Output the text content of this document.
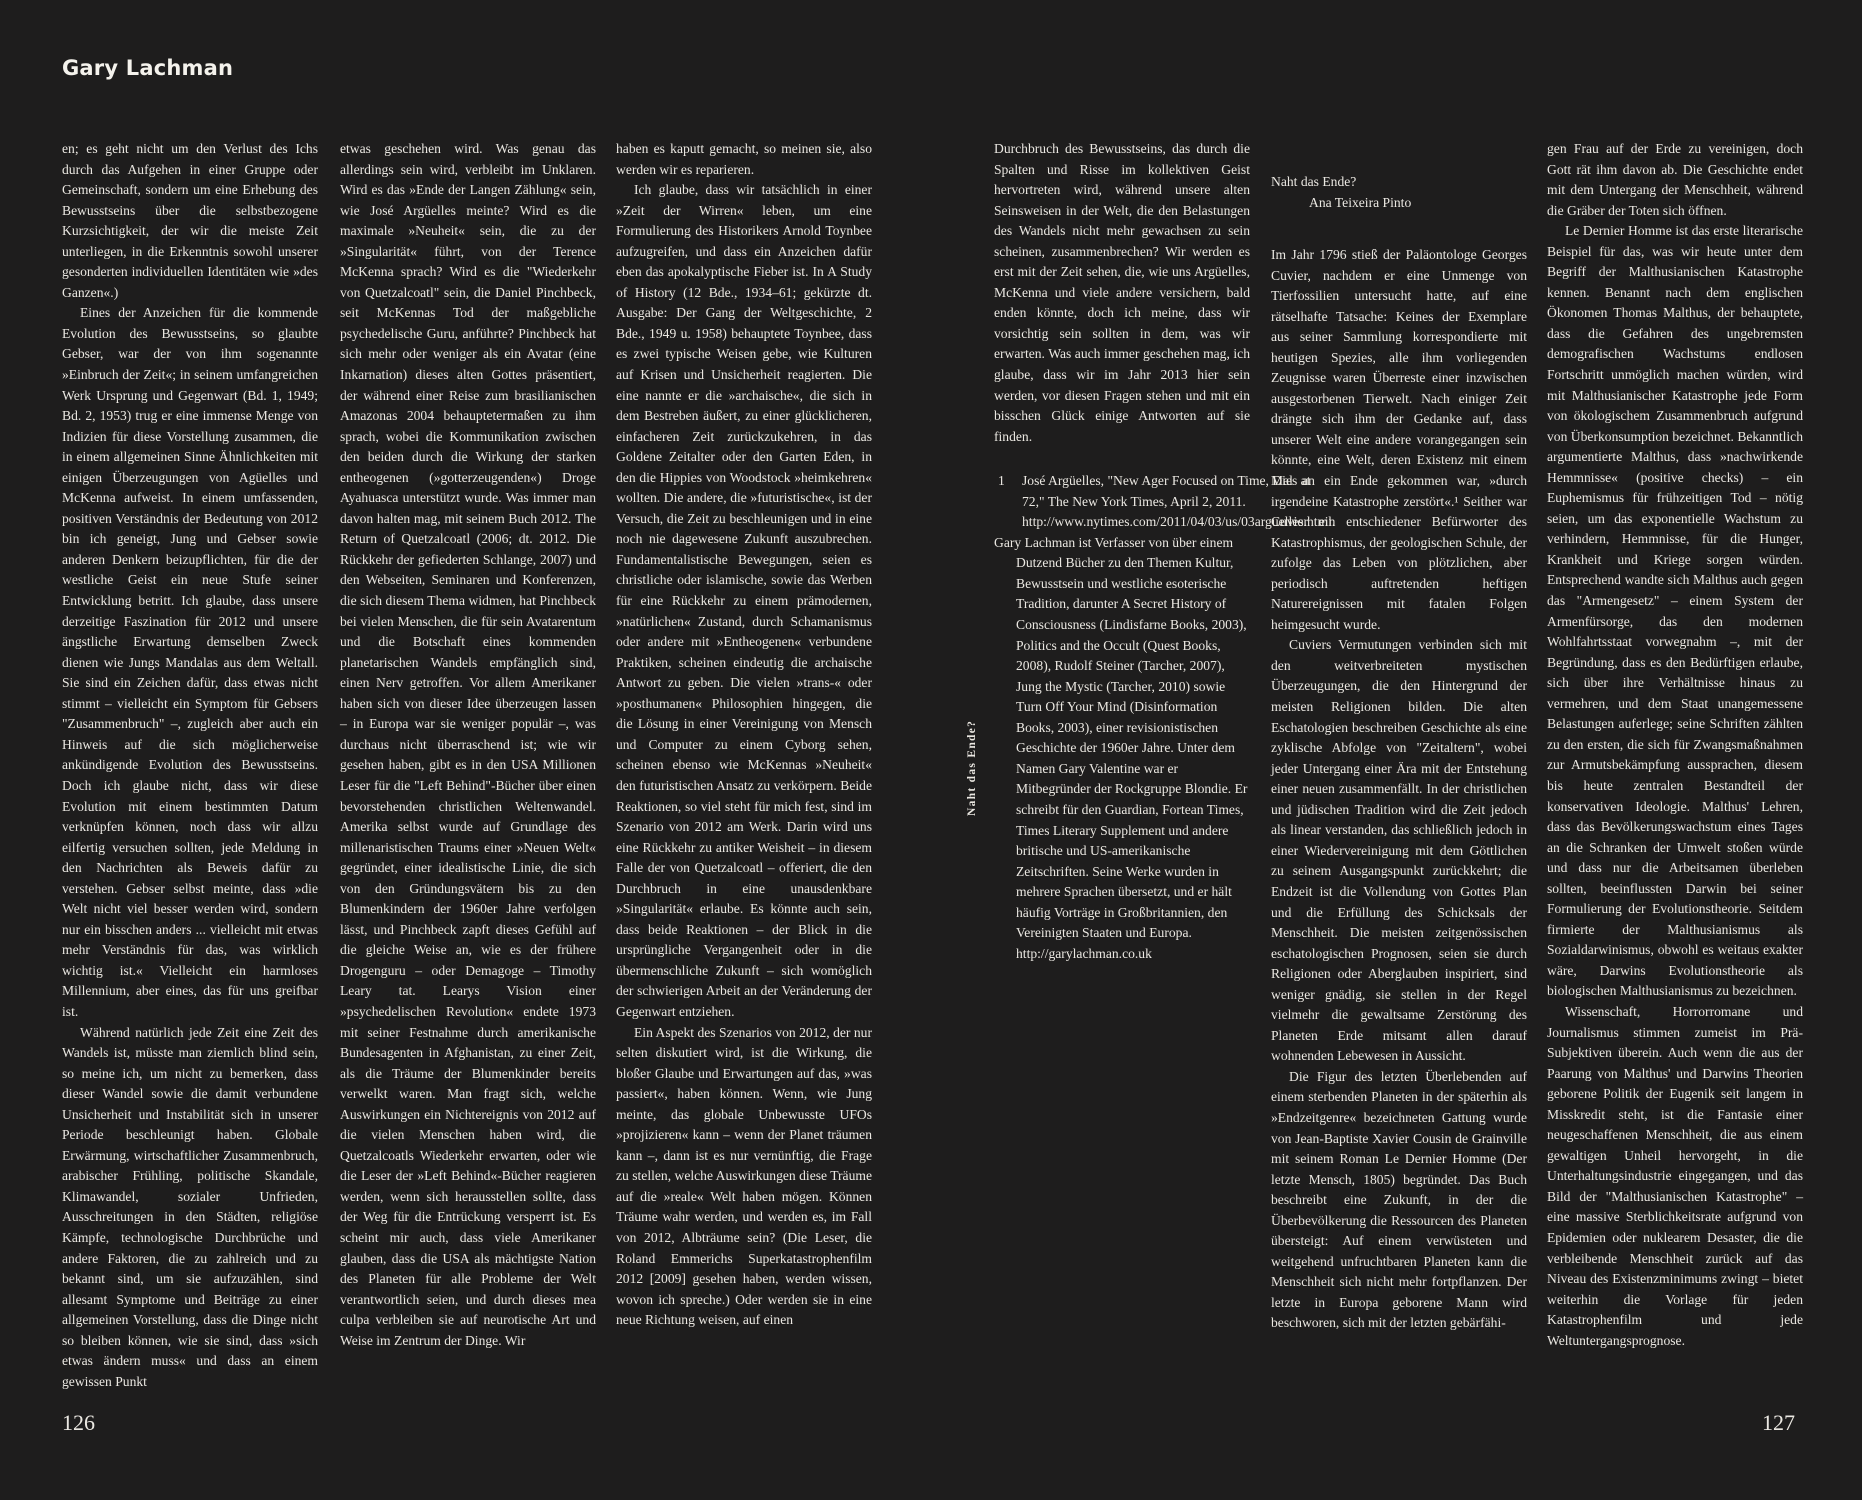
Gary Lachman

en; es geht nicht um den Verlust des Ichs durch das Aufgehen in einer Gruppe oder Gemeinschaft, sondern um eine Erhebung des Bewusstseins über die selbstbezogene Kurzsichtigkeit, der wir die meiste Zeit unterliegen, in die Erkenntnis sowohl unserer gesonderten individuellen Identitäten wie »des Ganzen«.)

Eines der Anzeichen für die kommende Evolution des Bewusstseins, so glaubte Gebser, war der von ihm sogenannte »Einbruch der Zeit«; in seinem umfangreichen Werk Ursprung und Gegenwart (Bd. 1, 1949; Bd. 2, 1953) trug er eine immense Menge von Indizien für diese Vorstellung zusammen, die in einem allgemeinen Sinne Ähnlichkeiten mit einigen Überzeugungen von Agüelles und McKenna aufweist. In einem umfassenden, positiven Verständnis der Bedeutung von 2012 bin ich geneigt, Jung und Gebser sowie anderen Denkern beizupflichten, für die der westliche Geist ein neue Stufe seiner Entwicklung betritt. Ich glaube, dass unsere derzeitige Faszination für 2012 und unsere ängstliche Erwartung demselben Zweck dienen wie Jungs Mandalas aus dem Weltall. Sie sind ein Zeichen dafür, dass etwas nicht stimmt – vielleicht ein Symptom für Gebsers "Zusammenbruch" –, zugleich aber auch ein Hinweis auf die sich möglicherweise ankündigende Evolution des Bewusstseins. Doch ich glaube nicht, dass wir diese Evolution mit einem bestimmten Datum verknüpfen können, noch dass wir allzu eilfertig versuchen sollten, jede Meldung in den Nachrichten als Beweis dafür zu verstehen. Gebser selbst meinte, dass »die Welt nicht viel besser werden wird, sondern nur ein bisschen anders ... vielleicht mit etwas mehr Verständnis für das, was wirklich wichtig ist.« Vielleicht ein harmloses Millennium, aber eines, das für uns greifbar ist.

Während natürlich jede Zeit eine Zeit des Wandels ist, müsste man ziemlich blind sein, so meine ich, um nicht zu bemerken, dass dieser Wandel sowie die damit verbundene Unsicherheit und Instabilität sich in unserer Periode beschleunigt haben. Globale Erwärmung, wirtschaftlicher Zusammenbruch, arabischer Frühling, politische Skandale, Klimawandel, sozialer Unfrieden, Ausschreitungen in den Städten, religiöse Kämpfe, technologische Durchbrüche und andere Faktoren, die zu zahlreich und zu bekannt sind, um sie aufzuzählen, sind allesamt Symptome und Beiträge zu einer allgemeinen Vorstellung, dass die Dinge nicht so bleiben können, wie sie sind, dass »sich etwas ändern muss« und dass an einem gewissen Punkt

etwas geschehen wird. Was genau das allerdings sein wird, verbleibt im Unklaren. Wird es das »Ende der Langen Zählung« sein, wie José Argüelles meinte? Wird es die maximale »Neuheit« sein, die zu der »Singularität« führt, von der Terence McKenna sprach? Wird es die "Wiederkehr von Quetzalcoatl" sein, die Daniel Pinchbeck, seit McKennas Tod der maßgebliche psychedelische Guru, anführte? Pinchbeck hat sich mehr oder weniger als ein Avatar (eine Inkarnation) dieses alten Gottes präsentiert, der während einer Reise zum brasilianischen Amazonas 2004 behauptetermaßen zu ihm sprach, wobei die Kommunikation zwischen den beiden durch die Wirkung der starken entheogenen (»gotterzeugenden«) Droge Ayahuasca unterstützt wurde. Was immer man davon halten mag, mit seinem Buch 2012. The Return of Quetzalcoatl (2006; dt. 2012. Die Rückkehr der gefiederten Schlange, 2007) und den Webseiten, Seminaren und Konferenzen, die sich diesem Thema widmen, hat Pinchbeck bei vielen Menschen, die für sein Avatarentum und die Botschaft eines kommenden planetarischen Wandels empfänglich sind, einen Nerv getroffen. Vor allem Amerikaner haben sich von dieser Idee überzeugen lassen – in Europa war sie weniger populär –, was durchaus nicht überraschend ist; wie wir gesehen haben, gibt es in den USA Millionen Leser für die "Left Behind"-Bücher über einen bevorstehenden christlichen Weltenwandel. Amerika selbst wurde auf Grundlage des millenaristischen Traums einer »Neuen Welt« gegründet, einer idealistische Linie, die sich von den Gründungsvätern bis zu den Blumenkindern der 1960er Jahre verfolgen lässt, und Pinchbeck zapft dieses Gefühl auf die gleiche Weise an, wie es der frühere Drogenguru – oder Demagoge – Timothy Leary tat. Learys Vision einer »psychedelischen Revolution« endete 1973 mit seiner Festnahme durch amerikanische Bundesagenten in Afghanistan, zu einer Zeit, als die Träume der Blumenkinder bereits verwelkt waren. Man fragt sich, welche Auswirkungen ein Nichtereignis von 2012 auf die vielen Menschen haben wird, die Quetzalcoatls Wiederkehr erwarten, oder wie die Leser der »Left Behind«-Bücher reagieren werden, wenn sich herausstellen sollte, dass der Weg für die Entrückung versperrt ist. Es scheint mir auch, dass viele Amerikaner glauben, dass die USA als mächtigste Nation des Planeten für alle Probleme der Welt verantwortlich seien, und durch dieses mea culpa verbleiben sie auf neurotische Art und Weise im Zentrum der Dinge. Wir

haben es kaputt gemacht, so meinen sie, also werden wir es reparieren.

Ich glaube, dass wir tatsächlich in einer »Zeit der Wirren« leben, um eine Formulierung des Historikers Arnold Toynbee aufzugreifen, und dass ein Anzeichen dafür eben das apokalyptische Fieber ist. In A Study of History (12 Bde., 1934–61; gekürzte dt. Ausgabe: Der Gang der Weltgeschichte, 2 Bde., 1949 u. 1958) behauptete Toynbee, dass es zwei typische Weisen gebe, wie Kulturen auf Krisen und Unsicherheit reagierten. Die eine nannte er die »archaische«, die sich in dem Bestreben äußert, zu einer glücklicheren, einfacheren Zeit zurückzukehren, in das Goldene Zeitalter oder den Garten Eden, in den die Hippies von Woodstock »heimkehren« wollten. Die andere, die »futuristische«, ist der Versuch, die Zeit zu beschleunigen und in eine noch nie dagewesene Zukunft auszubrechen. Fundamentalistische Bewegungen, seien es christliche oder islamische, sowie das Werben für eine Rückkehr zu einem prämodernen, »natürlichen« Zustand, durch Schamanismus oder andere mit »Entheogenen« verbundene Praktiken, scheinen eindeutig die archaische Antwort zu geben. Die vielen »trans-« oder »posthumanen« Philosophien hingegen, die die Lösung in einer Vereinigung von Mensch und Computer zu einem Cyborg sehen, scheinen ebenso wie McKennas »Neuheit« den futuristischen Ansatz zu verkörpern. Beide Reaktionen, so viel steht für mich fest, sind im Szenario von 2012 am Werk. Darin wird uns eine Rückkehr zu antiker Weisheit – in diesem Falle der von Quetzalcoatl – offeriert, die den Durchbruch in eine unausdenkbare »Singularität« erlaube. Es könnte auch sein, dass beide Reaktionen – der Blick in die ursprüngliche Vergangenheit oder in die übermenschliche Zukunft – sich womöglich der schwierigen Arbeit an der Veränderung der Gegenwart entziehen.

Ein Aspekt des Szenarios von 2012, der nur selten diskutiert wird, ist die Wirkung, die bloßer Glaube und Erwartungen auf das, »was passiert«, haben können. Wenn, wie Jung meinte, das globale Unbewusste UFOs »projizieren« kann – wenn der Planet träumen kann –, dann ist es nur vernünftig, die Frage zu stellen, welche Auswirkungen diese Träume auf die »reale« Welt haben mögen. Können Träume wahr werden, und werden es, im Fall von 2012, Albträume sein? (Die Leser, die Roland Emmerichs Superkatastrophenfilm 2012 [2009] gesehen haben, werden wissen, wovon ich spreche.) Oder werden sie in eine neue Richtung weisen, auf einen

126
Naht das Ende?

Durchbruch des Bewusstseins, das durch die Spalten und Risse im kollektiven Geist hervortreten wird, während unsere alten Seinsweisen in der Welt, die den Belastungen des Wandels nicht mehr gewachsen zu sein scheinen, zusammenbrechen? Wir werden es erst mit der Zeit sehen, die, wie uns Argüelles, McKenna und viele andere versichern, bald enden könnte, doch ich meine, dass wir vorsichtig sein sollten in dem, was wir erwarten. Was auch immer geschehen mag, ich glaube, dass wir im Jahr 2013 hier sein werden, vor diesen Fragen stehen und mit ein bisschen Glück einige Antworten auf sie finden.

1	José Argüelles, "New Ager Focused on Time, Dies at 72," The New York Times, April 2, 2011. http://www.nytimes.com/2011/04/03/us/03arguelles.html.

Gary Lachman ist Verfasser von über einem Dutzend Bücher zu den Themen Kultur, Bewusstsein und westliche esoterische Tradition, darunter A Secret History of Consciousness (Lindisfarne Books, 2003), Politics and the Occult (Quest Books, 2008), Rudolf Steiner (Tarcher, 2007), Jung the Mystic (Tarcher, 2010) sowie Turn Off Your Mind (Disinformation Books, 2003), einer revisionistischen Geschichte der 1960er Jahre. Unter dem Namen Gary Valentine war er Mitbegründer der Rockgruppe Blondie. Er schreibt für den Guardian, Fortean Times, Times Literary Supplement und andere britische und US-amerikanische Zeitschriften. Seine Werke wurden in mehrere Sprachen übersetzt, und er hält häufig Vorträge in Großbritannien, den Vereinigten Staaten und Europa. http://garylachman.co.uk

Naht das Ende?
Ana Teixeira Pinto

Im Jahr 1796 stieß der Paläontologe Georges Cuvier, nachdem er eine Unmenge von Tierfossilien untersucht hatte, auf eine rätselhafte Tatsache: Keines der Exemplare aus seiner Sammlung korrespondierte mit heutigen Spezies, alle ihm vorliegenden Zeugnisse waren Überreste einer inzwischen ausgestorbenen Tierwelt. Nach einiger Zeit drängte sich ihm der Gedanke auf, dass unserer Welt eine andere vorangegangen sein könnte, eine Welt, deren Existenz mit einem Mal an ein Ende gekommen war, »durch irgendeine Katastrophe zerstört«.¹ Seither war Cuvier ein entschiedener Befürworter des Katastrophismus, der geologischen Schule, der zufolge das Leben von plötzlichen, aber periodisch auftretenden heftigen Naturereignissen mit fatalen Folgen heimgesucht wurde.

Cuviers Vermutungen verbinden sich mit den weitverbreiteten mystischen Überzeugungen, die den Hintergrund der meisten Religionen bilden. Die alten Eschatologien beschreiben Geschichte als eine zyklische Abfolge von "Zeitaltern", wobei jeder Untergang einer Ära mit der Entstehung einer neuen zusammenfällt. In der christlichen und jüdischen Tradition wird die Zeit jedoch als linear verstanden, das schließlich jedoch in einer Wiedervereinigung mit dem Göttlichen zu seinem Ausgangspunkt zurückkehrt; die Endzeit ist die Vollendung von Gottes Plan und die Erfüllung des Schicksals der Menschheit. Die meisten zeitgenössischen eschatologischen Prognosen, seien sie durch Religionen oder Aberglauben inspiriert, sind weniger gnädig, sie stellen in der Regel vielmehr die gewaltsame Zerstörung des Planeten Erde mitsamt allen darauf wohnenden Lebewesen in Aussicht.

Die Figur des letzten Überlebenden auf einem sterbenden Planeten in der späterhin als »Endzeitgenre« bezeichneten Gattung wurde von Jean-Baptiste Xavier Cousin de Grainville mit seinem Roman Le Dernier Homme (Der letzte Mensch, 1805) begründet. Das Buch beschreibt eine Zukunft, in der die Überbevölkerung die Ressourcen des Planeten übersteigt: Auf einem verwüsteten und weitgehend unfruchtbaren Planeten kann die Menschheit sich nicht mehr fortpflanzen. Der letzte in Europa geborene Mann wird beschworen, sich mit der letzten gebärfähi-

gen Frau auf der Erde zu vereinigen, doch Gott rät ihm davon ab. Die Geschichte endet mit dem Untergang der Menschheit, während die Gräber der Toten sich öffnen.

Le Dernier Homme ist das erste literarische Beispiel für das, was wir heute unter dem Begriff der Malthusianischen Katastrophe kennen. Benannt nach dem englischen Ökonomen Thomas Malthus, der behauptete, dass die Gefahren des ungebremsten demografischen Wachstums endlosen Fortschritt unmöglich machen würden, wird mit Malthusianischer Katastrophe jede Form von ökologischem Zusammenbruch aufgrund von Überkonsumption bezeichnet. Bekanntlich argumentierte Malthus, dass »nachwirkende Hemmnisse« (positive checks) – ein Euphemismus für frühzeitigen Tod – nötig seien, um das exponentielle Wachstum zu verhindern, Hemmnisse, für die Hunger, Krankheit und Kriege sorgen würden. Entsprechend wandte sich Malthus auch gegen das "Armengesetz" – einem System der Armenfürsorge, das den modernen Wohlfahrtsstaat vorwegnahm –, mit der Begründung, dass es den Bedürftigen erlaube, sich über ihre Verhältnisse hinaus zu vermehren, und dem Staat unangemessene Belastungen auferlege; seine Schriften zählten zu den ersten, die sich für Zwangsmaßnahmen zur Armutsbekämpfung aussprachen, diesem bis heute zentralen Bestandteil der konservativen Ideologie. Malthus' Lehren, dass das Bevölkerungswachstum eines Tages an die Schranken der Umwelt stoßen würde und dass nur die Arbeitsamen überleben sollten, beeinflussten Darwin bei seiner Formulierung der Evolutionstheorie. Seitdem firmierte der Malthusianismus als Sozialdarwinismus, obwohl es weitaus exakter wäre, Darwins Evolutionstheorie als biologischen Malthusianismus zu bezeichnen.

Wissenschaft, Horrorromane und Journalismus stimmen zumeist im Prä-Subjektiven überein. Auch wenn die aus der Paarung von Malthus' und Darwins Theorien geborene Politik der Eugenik seit langem in Misskredit steht, ist die Fantasie einer neugeschaffenen Menschheit, die aus einem gewaltigen Unheil hervorgeht, in die Unterhaltungsindustrie eingegangen, und das Bild der "Malthusianischen Katastrophe" – eine massive Sterblichkeitsrate aufgrund von Epidemien oder nuklearem Desaster, die die verbleibende Menschheit zurück auf das Niveau des Existenzminimums zwingt – bietet weiterhin die Vorlage für jeden Katastrophenfilm und jede Weltuntergangsprognose.

127
